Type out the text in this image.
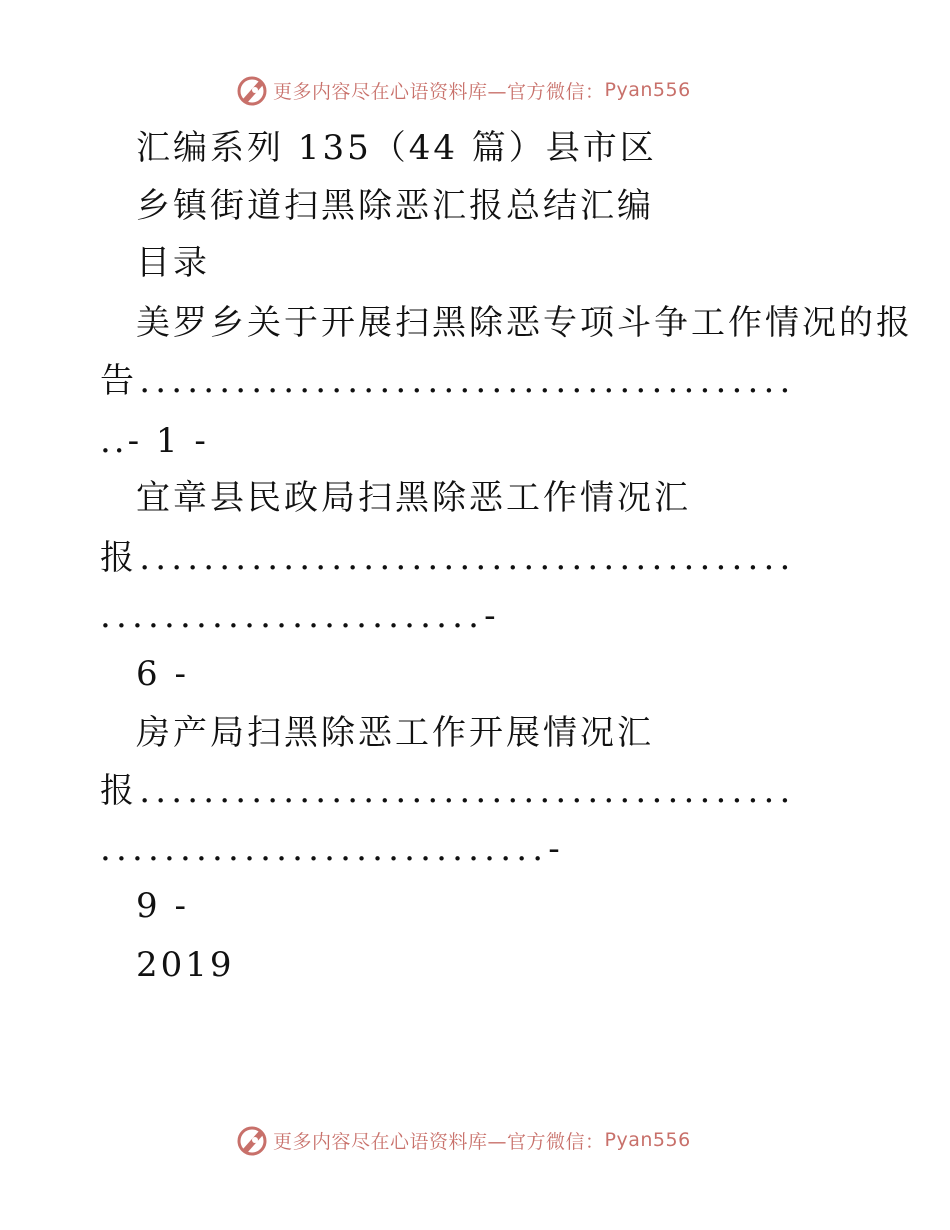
更多内容尽在心语资料库—官方微信： Pyan556
汇编系列 135（44 篇）县市区
乡镇街道扫黑除恶汇报总结汇编
目录
美罗乡关于开展扫黑除恶专项斗争工作情况的报
告.........................................
..- 1 -
宜章县民政局扫黑除恶工作情况汇
报.........................................
........................-
6 -
房产局扫黑除恶工作开展情况汇
报.........................................
............................-
9 -
2019
更多内容尽在心语资料库—官方微信： Pyan556
